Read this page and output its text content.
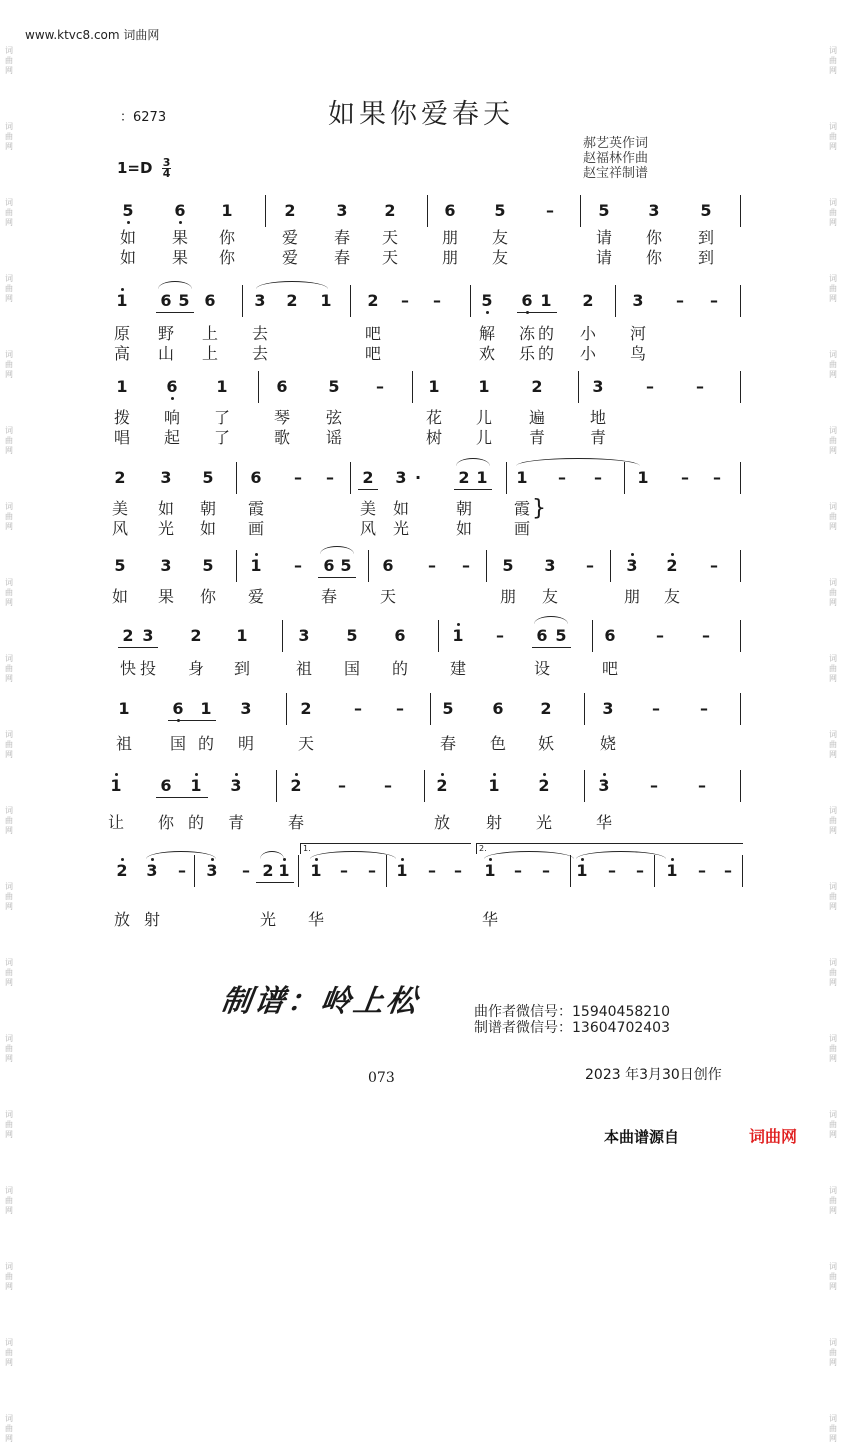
词
曲
网
词
曲
网
词
曲
网
词
曲
网
词
曲
网
词
曲
网
词
曲
网
词
曲
网
词
曲
网
词
曲
网
词
曲
网
词
曲
网
词
曲
网
词
曲
网
词
曲
网
词
曲
网
词
曲
网
词
曲
网
词
曲
网
词
曲
网
词
曲
网
词
曲
网
词
曲
网
词
曲
网
词
曲
网
词
曲
网
词
曲
网
词
曲
网
词
曲
网
词
曲
网
词
曲
网
词
曲
网
词
曲
网
词
曲
网
词
曲
网
词
曲
网
词
曲
网
词
曲
网
www.ktvc8.com 词曲网
如果你爱春天
：6273
郝艺英作词
赵福林作曲
赵宝祥制谱
$1=D \frac{3}{4}$
5	6 1	2	3 2	6 5	–	5 3	5
如 果 你	爱 春 天	朋 友	请 你 到
如 果 你	爱 春 天	朋 友	请 你 到
1 6 5 6 3 2 1 2	–	–	5 6 1 2 3	–	–
原 野 上 去	吧	解 冻 的 小 河
高 山 上 去	吧	欢 乐 的 小 鸟
1 6 1	6	5	–	1 1	2	3	–	–
拨 响 了	琴 弦	花 儿 遍	地
唱 起 了	歌 谣	树 儿 青	青
2 3 5 6	–	–	2 3 ·	2 1 1	–	–	1	–	–
美 如 朝 霞	美 如	朝	霞
风 光 如 画	风 光	如	画
}
5 3 5 1	–	6 5 6	–	–	5 3	–	3 2	–
如 果 你 爱	春	天	朋 友	朋 友
2 3 2 1	3 5 6	1	–	6 5 6	–	–
快 投 身 到	祖 国 的	建	设	吧
1	6 1 3	2	–	–	5 6 2	3	–	–
祖 国 的 明	天	春 色 妖	娆
1 6 1 3	2	–	–	2	1 2	3	–	–
让 你 的 青	春	放 射 光	华
2 3	–	3	– 2 1 1	–	–	1	–	–	1	–	–	1	–	–	1	–	–
1.	2.
放 射	光 华	华
制谱：岭上松	曲作者微信号：15940458210
制谱者微信号：13604702403
073	2023 年3月30日创作
本曲谱源自	词曲网
